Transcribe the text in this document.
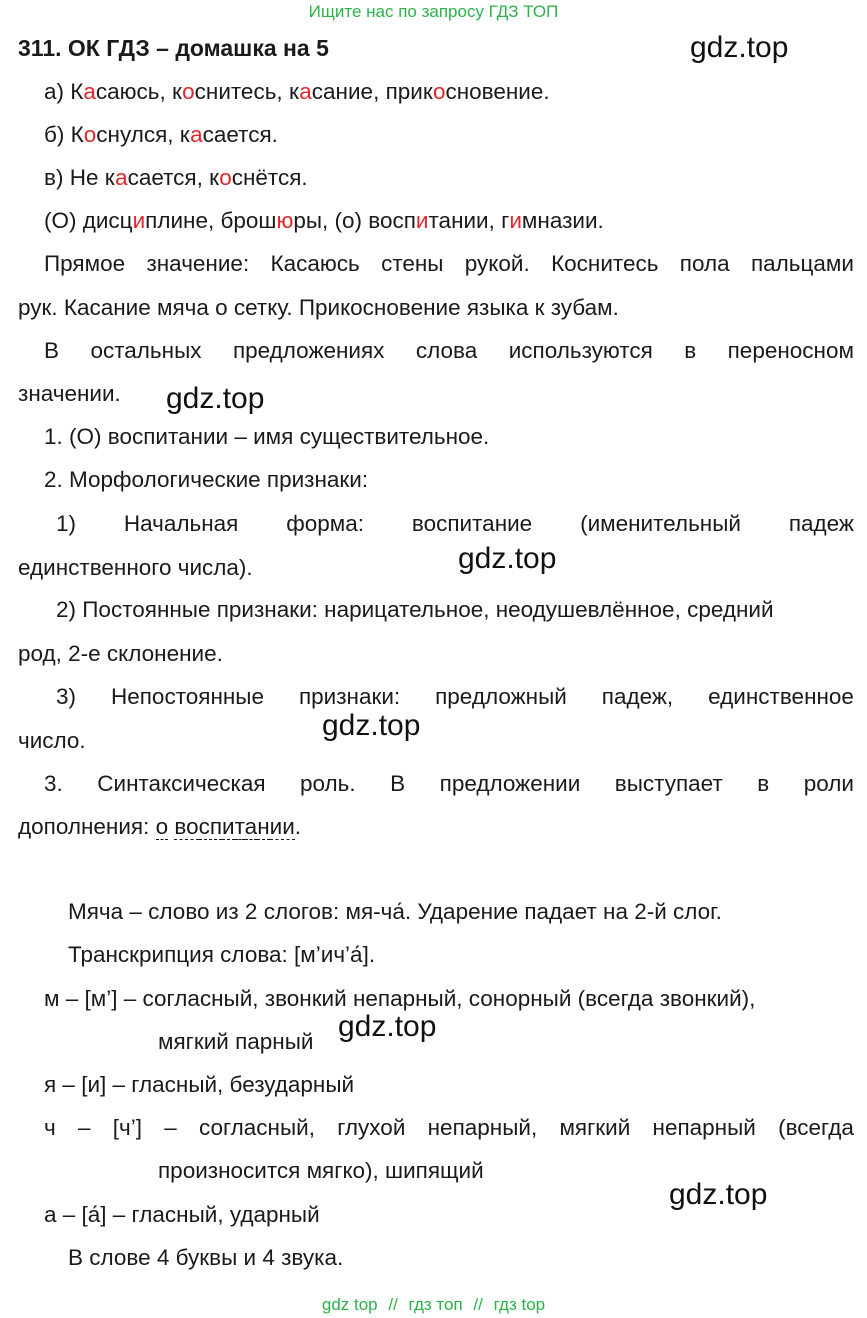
Ищите нас по запросу ГДЗ ТОП
311. ОК ГДЗ – домашка на 5	gdz.top
а) Касаюсь, коснитесь, касание, прикосновение.
б) Коснулся, касается.
в) Не касается, коснётся.
(О) дисциплине, брошюры, (о) воспитании, гимназии.
Прямое значение: Касаюсь стены рукой. Коснитесь пола пальцами
рук. Касание мяча о сетку. Прикосновение языка к зубам.
В остальных предложениях слова используются в переносном
значении. gdz.top
1. (О) воспитании – имя существительное.
2. Морфологические признаки:
1) Начальная форма: воспитание (именительный падеж
единственного числа).	gdz.top
2) Постоянные признаки: нарицательное, неодушевлённое, средний
род, 2-е склонение.
3) Непостоянные признаки: предложный падеж, единственное
число.	gdz.top
3. Синтаксическая роль. В предложении выступает в роли
дополнения: о воспитании.
Мяча – слово из 2 слогов: мя-ча́. Ударение падает на 2-й слог.
Транскрипция слова: [м’ич’а́].
м – [м’] – согласный, звонкий непарный, сонорный (всегда звонкий),
мягкий парный gdz.top
я – [и] – гласный, безударный
ч – [ч’] – согласный, глухой непарный, мягкий непарный (всегда
произносится мягко), шипящий
gdz.top
а – [а́] – гласный, ударный
В слове 4 буквы и 4 звука.
gdz top // гдз топ // гдз top
